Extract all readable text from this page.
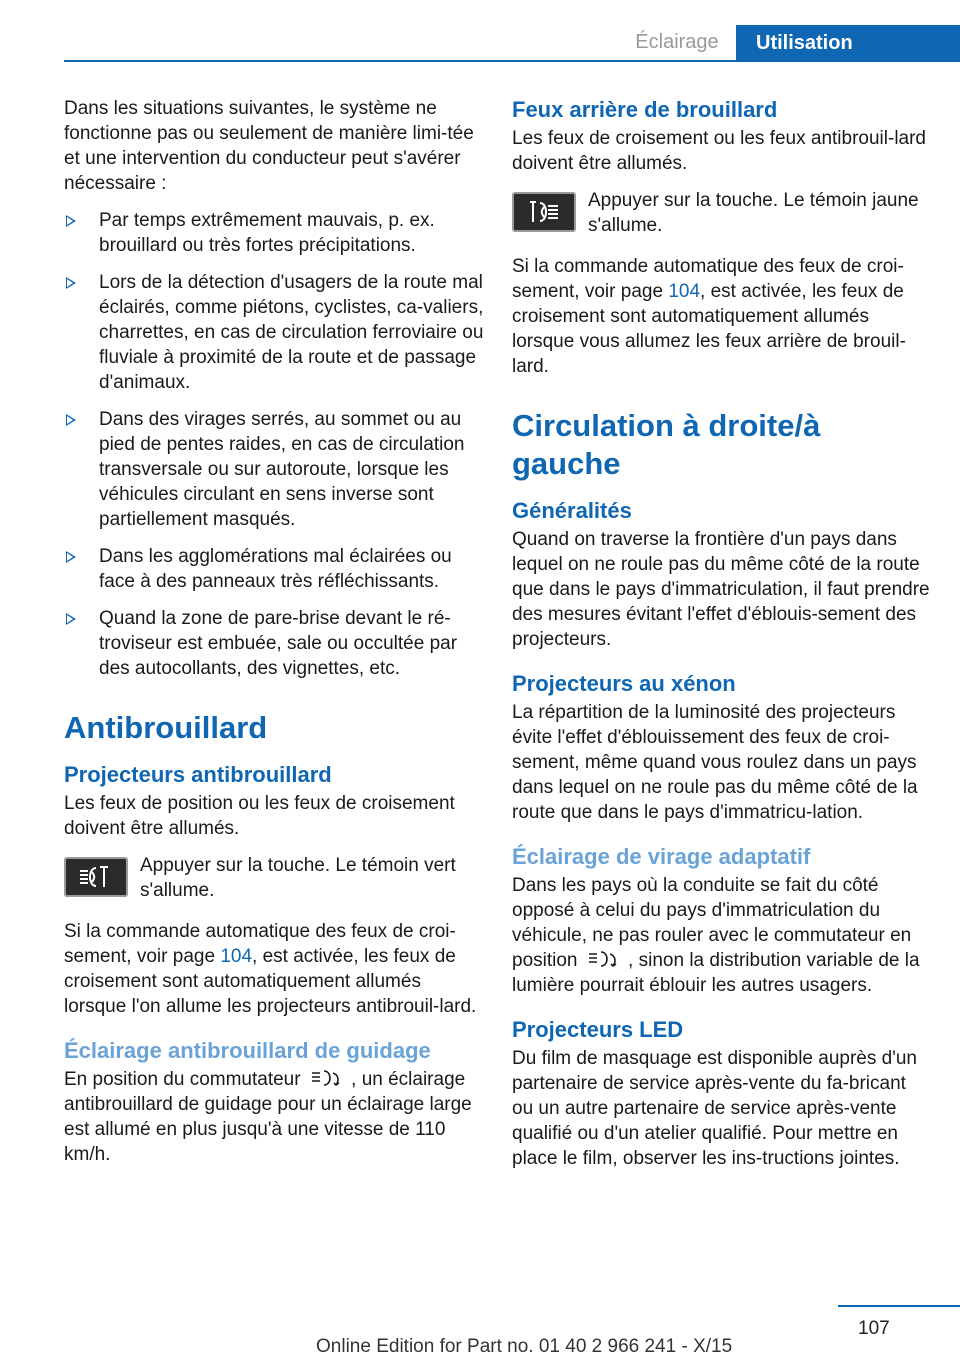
Éclairage	Utilisation

Dans les situations suivantes, le système ne fonctionne pas ou seulement de manière limi-tée et une intervention du conducteur peut s'avérer nécessaire :

Par temps extrêmement mauvais, p. ex. brouillard ou très fortes précipitations.
Lors de la détection d'usagers de la route mal éclairés, comme piétons, cyclistes, ca-valiers, charrettes, en cas de circulation ferroviaire ou fluviale à proximité de la route et de passage d'animaux.
Dans des virages serrés, au sommet ou au pied de pentes raides, en cas de circulation transversale ou sur autoroute, lorsque les véhicules circulant en sens inverse sont partiellement masqués.
Dans les agglomérations mal éclairées ou face à des panneaux très réfléchissants.
Quand la zone de pare-brise devant le ré-troviseur est embuée, sale ou occultée par des autocollants, des vignettes, etc.
Antibrouillard
Projecteurs antibrouillard

Les feux de position ou les feux de croisement doivent être allumés.

Appuyer sur la touche. Le témoin vert s'allume.

Si la commande automatique des feux de croi-sement, voir page 104, est activée, les feux de croisement sont automatiquement allumés lorsque l'on allume les projecteurs antibrouil-lard.

Éclairage antibrouillard de guidage

En position du commutateur  , un éclairage antibrouillard de guidage pour un éclairage large est allumé en plus jusqu'à une vitesse de 110 km/h.

Feux arrière de brouillard

Les feux de croisement ou les feux antibrouil-lard doivent être allumés.

Appuyer sur la touche. Le témoin jaune s'allume.

Si la commande automatique des feux de croi-sement, voir page 104, est activée, les feux de croisement sont automatiquement allumés lorsque vous allumez les feux arrière de brouil-lard.

Circulation à droite/à gauche
Généralités

Quand on traverse la frontière d'un pays dans lequel on ne roule pas du même côté de la route que dans le pays d'immatriculation, il faut prendre des mesures évitant l'effet d'éblouis-sement des projecteurs.

Projecteurs au xénon

La répartition de la luminosité des projecteurs évite l'effet d'éblouissement des feux de croi-sement, même quand vous roulez dans un pays dans lequel on ne roule pas du même côté de la route que dans le pays d'immatricu-lation.

Éclairage de virage adaptatif

Dans les pays où la conduite se fait du côté opposé à celui du pays d'immatriculation du véhicule, ne pas rouler avec le commutateur en position  , sinon la distribution variable de la lumière pourrait éblouir les autres usagers.

Projecteurs LED

Du film de masquage est disponible auprès d'un partenaire de service après-vente du fa-bricant ou un autre partenaire de service après-vente qualifié ou d'un atelier qualifié. Pour mettre en place le film, observer les ins-tructions jointes.

107
Online Edition for Part no. 01 40 2 966 241 - X/15
